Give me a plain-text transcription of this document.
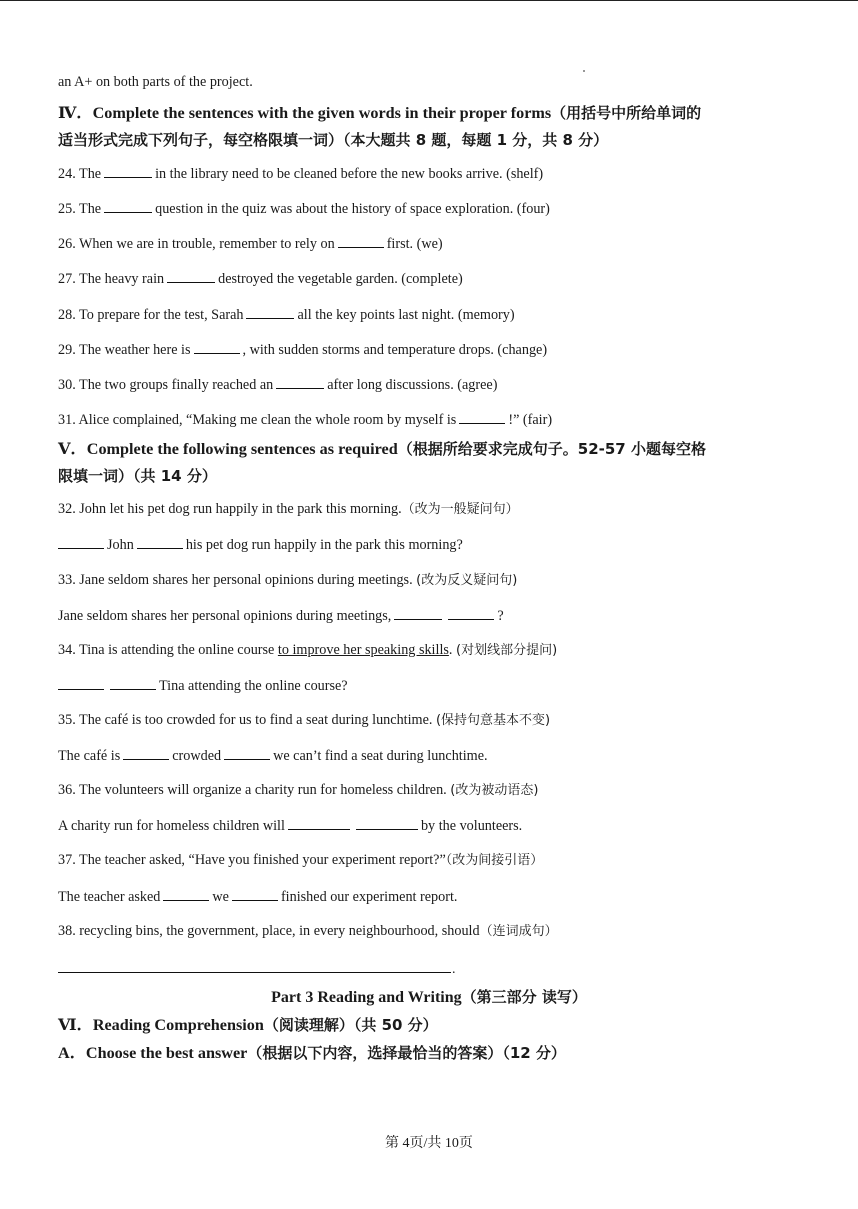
an A+ on both parts of the project.
Ⅳ．Complete the sentences with the given words in their proper forms（用括号中所给单词的
适当形式完成下列句子，每空格限填一词）（本大题共 8 题，每题 1 分，共 8 分）
24. The	in the library need to be cleaned before the new books arrive. (shelf)
25. The	question in the quiz was about the history of space exploration. (four)
26. When we are in trouble, remember to rely on	first. (we)
27. The heavy rain	destroyed the vegetable garden. (complete)
28. To prepare for the test, Sarah	all the key points last night. (memory)
29. The weather here is	, with sudden storms and temperature drops. (change)
30. The two groups finally reached an	after long discussions. (agree)
31. Alice complained, “Making me clean the whole room by myself is	!” (fair)
Ⅴ．Complete the following sentences as required（根据所给要求完成句子。52-57 小题每空格
限填一词）（共 14 分）
32. John let his pet dog run happily in the park this morning.（改为一般疑问句）
John	his pet dog run happily in the park this morning?
33. Jane seldom shares her personal opinions during meetings. (改为反义疑问句)
Jane seldom shares her personal opinions during meetings,	?
34. Tina is attending the online course to improve her speaking skills. (对划线部分提问)
Tina attending the online course?
35. The café is too crowded for us to find a seat during lunchtime. (保持句意基本不变)
The café is	crowded	we can’t find a seat during lunchtime.
36. The volunteers will organize a charity run for homeless children. (改为被动语态)
A charity run for homeless children will	by the volunteers.
37. The teacher asked, “Have you finished your experiment report?”（改为间接引语）
The teacher asked	we	finished our experiment report.
38. recycling bins, the government, place, in every neighbourhood, should（连词成句）
.
Part 3 Reading and Writing（第三部分 读写）
Ⅵ．Reading Comprehension（阅读理解）（共 50 分）
A．Choose the best answer（根据以下内容，选择最恰当的答案）（12 分）
第 4页/共 10页
